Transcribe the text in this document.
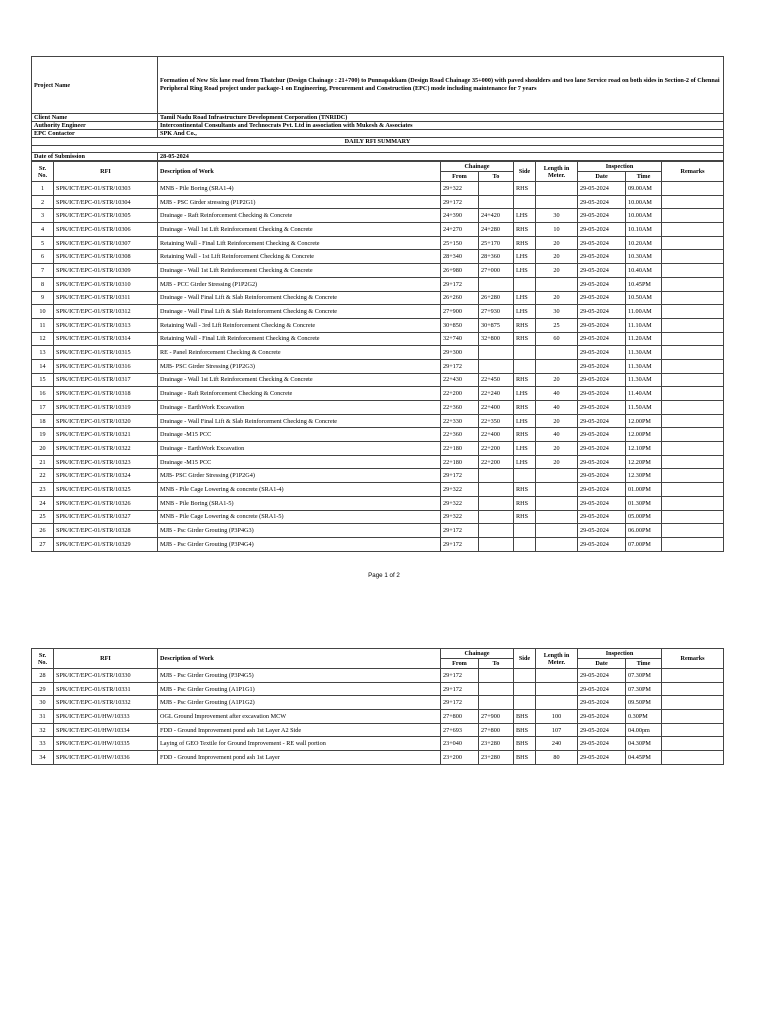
Project Name	Formation of New Six lane road from Thatchur (Design Chainage : 21+700) to Punnapakkam (Design Road Chainage 35+000) with paved shoulders and two lane Service road on both sides in Section-2 of Chennai Peripheral Ring Road project under package-1 on Engineering, Procurement and Construction (EPC) mode including maintenance for 7 years
Client Name	Tamil Nadu Road Infrastructure Development Corporation (TNRIDC)
Authority Engineer	Intercontinental Consultants and Technocrats Pvt. Ltd in association with Mukesh & Associates
EPC Contactor	SPK And Co.,
DAILY RFI SUMMARY	

Date of Submission	28-05-2024
Sr.
No.	RFI	Description of Work	Chainage		Side	Length in
Meter.	Inspection		Remarks
			From	To			Date	Time	
1	SPK/ICT/EPC-01/STR/10303	MNB - Pile Boring (SRA1-4)	29+322		RHS		29-05-2024	09.00AM	
2	SPK/ICT/EPC-01/STR/10304	MJB - PSC Girder stressing (P1P2G1)	29+172				29-05-2024	10.00AM	
3	SPK/ICT/EPC-01/STR/10305	Drainage - Raft Reinforcement Checking & Concrete	24+390	24+420	LHS	30	29-05-2024	10.00AM	
4	SPK/ICT/EPC-01/STR/10306	Drainage - Wall 1st Lift Reinforcement Checking & Concrete	24+270	24+280	RHS	10	29-05-2024	10.10AM	
5	SPK/ICT/EPC-01/STR/10307	Retaining Wall - Final Lift Reinforcement Checking & Concrete	25+150	25+170	RHS	20	29-05-2024	10.20AM	
6	SPK/ICT/EPC-01/STR/10308	Retaining Wall - 1st Lift Reinforcement Checking & Concrete	28+340	28+360	LHS	20	29-05-2024	10.30AM	
7	SPK/ICT/EPC-01/STR/10309	Drainage - Wall 1st Lift Reinforcement Checking & Concrete	26+980	27+000	LHS	20	29-05-2024	10.40AM	
8	SPK/ICT/EPC-01/STR/10310	MJB - PCC Girder Stressing (P1P2G2)	29+172				29-05-2024	10.45PM	
9	SPK/ICT/EPC-01/STR/10311	Drainage - Wall Final Lift & Slab Reinforcement Checking & Concrete	26+260	26+280	LHS	20	29-05-2024	10.50AM	
10	SPK/ICT/EPC-01/STR/10312	Drainage - Wall Final Lift & Slab Reinforcement Checking & Concrete	27+900	27+930	LHS	30	29-05-2024	11.00AM	
11	SPK/ICT/EPC-01/STR/10313	Retaining Wall - 3rd Lift Reinforcement Checking & Concrete	30+850	30+875	RHS	25	29-05-2024	11.10AM	
12	SPK/ICT/EPC-01/STR/10314	Retaining Wall - Final Lift Reinforcement Checking & Concrete	32+740	32+800	RHS	60	29-05-2024	11.20AM	
13	SPK/ICT/EPC-01/STR/10315	RE - Panel Reinforcement Checking & Concrete	29+300				29-05-2024	11.30AM	
14	SPK/ICT/EPC-01/STR/10316	MJB- PSC Girder Stressing (P1P2G3)	29+172				29-05-2024	11.30AM	
15	SPK/ICT/EPC-01/STR/10317	Drainage - Wall 1st Lift Reinforcement Checking & Concrete	22+430	22+450	RHS	20	29-05-2024	11.30AM	
16	SPK/ICT/EPC-01/STR/10318	Drainage - Raft Reinforcement Checking & Concrete	22+200	22+240	LHS	40	29-05-2024	11.40AM	
17	SPK/ICT/EPC-01/STR/10319	Drainage - EarthWork Excavation	22+360	22+400	RHS	40	29-05-2024	11.50AM	
18	SPK/ICT/EPC-01/STR/10320	Drainage - Wall Final Lift & Slab Reinforcement Checking & Concrete	22+330	22+350	LHS	20	29-05-2024	12.00PM	
19	SPK/ICT/EPC-01/STR/10321	Drainage -M15 PCC	22+360	22+400	RHS	40	29-05-2024	12.00PM	
20	SPK/ICT/EPC-01/STR/10322	Drainage - EarthWork Excavation	22+180	22+200	LHS	20	29-05-2024	12.10PM	
21	SPK/ICT/EPC-01/STR/10323	Drainage -M15 PCC	22+180	22+200	LHS	20	29-05-2024	12.20PM	
22	SPK/ICT/EPC-01/STR/10324	MJB- PSC Girder Stressing (P1P2G4)	29+172				29-05-2024	12.30PM	
23	SPK/ICT/EPC-01/STR/10325	MNB - Pile Cage Lowering & concrete (SRA1-4)	29+322		RHS		29-05-2024	01.00PM	
24	SPK/ICT/EPC-01/STR/10326	MNB - Pile Boring (SRA1-5)	29+322		RHS		29-05-2024	01.30PM	
25	SPK/ICT/EPC-01/STR/10327	MNB - Pile Cage Lowering & concrete (SRA1-5)	29+322		RHS		29-05-2024	05.00PM	
26	SPK/ICT/EPC-01/STR/10328	MJB - Psc Girder Grouting (P3P4G3)	29+172				29-05-2024	06.00PM	
27	SPK/ICT/EPC-01/STR/10329	MJB - Psc Girder Grouting (P3P4G4)	29+172				29-05-2024	07.00PM	
Page 1 of 2
Sr.
No.	RFI	Description of Work	Chainage		Side	Length in
Meter.	Inspection		Remarks
			From	To			Date	Time	
28	SPK/ICT/EPC-01/STR/10330	MJB - Psc Girder Grouting (P3P4G5)	29+172				29-05-2024	07.30PM	
29	SPK/ICT/EPC-01/STR/10331	MJB - Psc Girder Grouting (A1P1G1)	29+172				29-05-2024	07.30PM	
30	SPK/ICT/EPC-01/STR/10332	MJB - Psc Girder Grouting (A1P1G2)	29+172				29-05-2024	09.50PM	
31	SPK/ICT/EPC-01/HW/10333	OGL Ground Improvement after excavation MCW	27+800	27+900	BHS	100	29-05-2024	0.30PM	
32	SPK/ICT/EPC-01/HW/10334	FDD - Ground Improvement pond ash 1st Layer A2 Side	27+693	27+800	BHS	107	29-05-2024	04.00pm	
33	SPK/ICT/EPC-01/HW/10335	Laying of GEO Textile for Ground Improvement - RE wall portion	23+040	23+280	BHS	240	29-05-2024	04.30PM	
34	SPK/ICT/EPC-01/HW/10336	FDD - Ground Improvement pond ash 1st Layer	23+200	23+280	BHS	80	29-05-2024	04.45PM	
